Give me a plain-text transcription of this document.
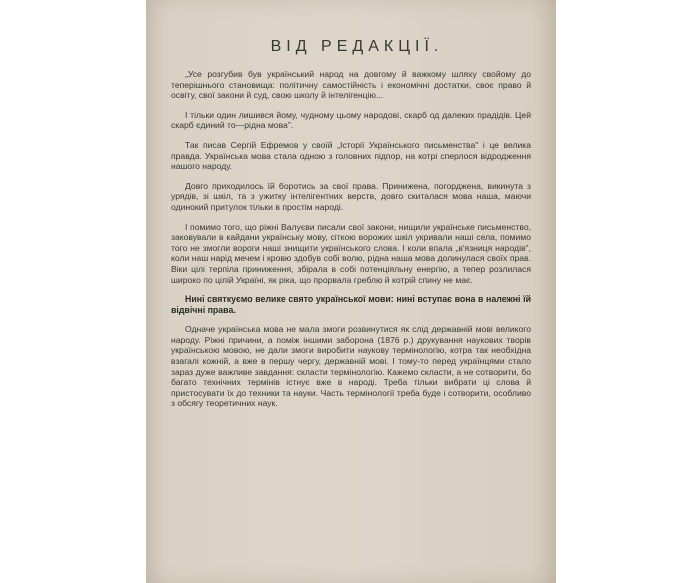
ВІД РЕДАКЦІЇ.

„Усе розгубив був український народ на довгому й важкому шляху свойому до теперішнього становища: політичну самостійність і економічні достатки, своє право й освіту, свої закони й суд, свою школу й інтелігенцію...

І тільки один лишився йому, чудному цьому народові, скарб од далеких прадідів. Цей скарб єдиний то—рідна мова".

Так писав Сергій Ефремов у своїй „Історії Українського письменства" і це велика правда. Українська мова стала одною з головних підпор, на котрі сперлося відродження нашого народу.

Довго приходилось їй боротись за свої права. Принижена, погорджена, викинута з урядів, зі шкіл, та з ужитку інтелігентних верств, довго скиталася мова наша, маючи одинокий притулок тільки в простім народі.

І помимо того, що ріжні Валуєви писали свої закони, нищили українське письменство, заковували в кайдани українську мову, сіткою ворожих шкіл укривали наші села, помимо того не змогли вороги наші знищити українського слова. І коли впала „в'язниця народів", коли наш нарід мечем і кровю здобув собі волю, рідна наша мова долинулася своїх прав. Віки цілі терпіла приниження, збірала в собі потенціяльну енергію, а тепер розлилася широко по цілій Україні, як ріка, що прорвала греблю й котрій спину не має.

Нині святкуємо велике свято української мови: нині вступає вона в належні їй відвічні права.

Одначе українська мова не мала змоги розвинутися як слід державній мові великого народу. Ріжні причини, а поміж іншими заборона (1876 р.) друкування наукових творів українською мовою, не дали змоги виробити наукову термінологію, котра так необхідна взагалі кожній, а вже в першу чергу, державній мові. І тому-то перед українцями стало зараз дуже важливе завдання: скласти термінологію. Кажемо скласти, а не сотворити, бо багато технічних термінів істнує вже в народі. Треба тільки вибрати ці слова й пристосувати їх до техники та науки. Часть термінології треба буде і сотворити, особливо з обсягу теоретичних наук.
